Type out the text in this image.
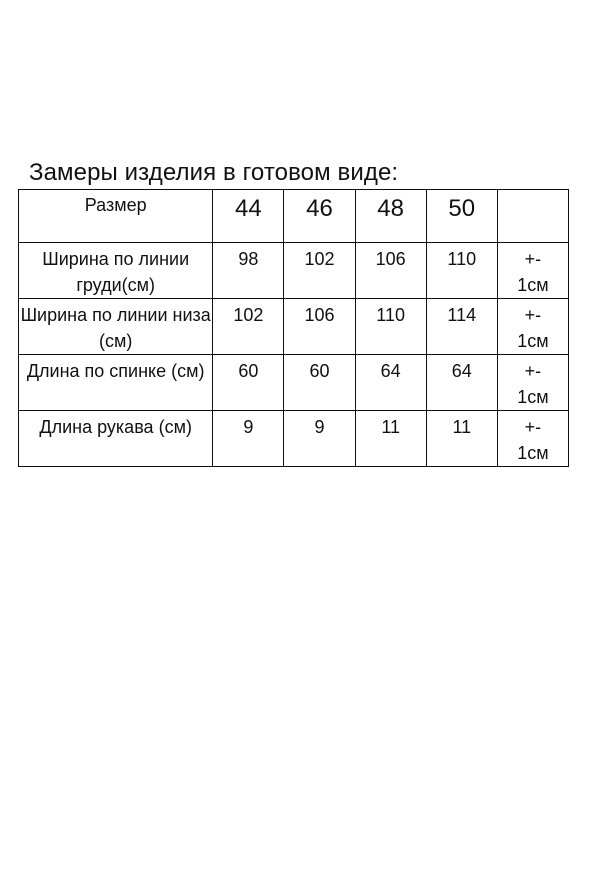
Замеры изделия в готовом виде:
Размер	44	46	48	50	

Ширина по линии груди(см)	98	102	106	110	+- 1см

Ширина по линии низа (см)	102	106	110	114	+- 1см

Длина по спинке (см)	60	60	64	64	+- 1см

Длина рукава (см)	9	9	11	11	+- 1см
